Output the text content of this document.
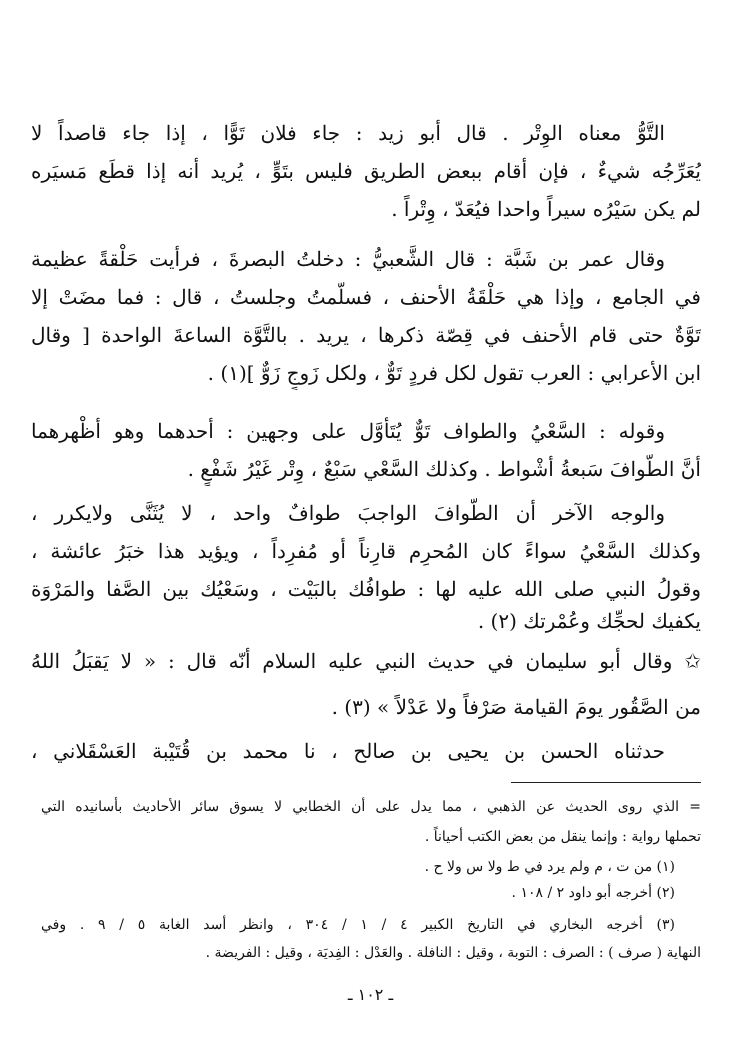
التَّوُّ معناه الوِتْر . قال أبو زيد : جاء فلان تَوًّا ، إذا جاء قاصداً لا
يُعَرِّجُه شيءٌ ، فإن أقام ببعض الطريق فليس بتَوٍّ ، يُريد أنه إذا قطَع مَسيَره
لم يكن سَيْرُه سيراً واحدا فيُعَدّ ، وِتْراً .
وقال عمر بن شَبَّة : قال الشَّعبيُّ : دخلتُ البصرةَ ، فرأيت حَلْقةً عظيمة
في الجامع ، وإذا هي حَلْقَةُ الأحنف ، فسلَّمتُ وجلستُ ، قال : فما مضَتْ إلا
تَوَّةٌ حتى قام الأحنف في قِصّة ذكرها ، يريد . بالتَّوَّة الساعةَ الواحدة [ وقال
ابن الأعرابي : العرب تقول لكل فردٍ تَوٌّ ، ولكل زَوجٍ زَوٌّ ](١) .
وقوله : السَّعْيُ والطواف تَوٌّ يُتَأوَّل على وجهين : أحدهما وهو أظْهرهما
أنَّ الطَّوافَ سَبعةُ أشْواط . وكذلك السَّعْي سَبْعٌ ، وِتْر غَيْرُ شَفْعٍ .
والوجه الآخر أن الطَّوافَ الواجبَ طوافٌ واحد ، لا يُثَنَّى ولايكرر ،
وكذلك السَّعْيُ سواءً كان المُحرِم قارِناً أو مُفرِداً ، ويؤيد هذا خبَرُ عائشة ،
وقولُ النبي صلى الله عليه لها : طوافُك بالبَيْت ، وسَعْيُك بين الصَّفا والمَرْوَة
يكفيك لحجِّك وعُمْرتك (٢) .
✩ وقال أبو سليمان في حديث النبي عليه السلام أنّه قال : « لا يَقبَلُ اللهُ
من الصَّقُور يومَ القيامة صَرْفاً ولا عَدْلاً » (٣) .
حدثناه الحسن بن يحيى بن صالح ، نا محمد بن قُتَيْبة العَسْقَلاني ،
= الذي روى الحديث عن الذهبي ، مما يدل على أن الخطابي لا يسوق سائر الأحاديث بأسانيده التي
تحملها رواية : وإنما ينقل من بعض الكتب أحياناً .
(١) من ت ، م ولم يرد في ط ولا س ولا ح .
(٢) أخرجه أبو داود ٢ / ١٠٨ .
(٣) أخرجه البخاري في التاريخ الكبير ٤ / ١ / ٣٠٤ ، وانظر أسد الغابة ٥ / ٩ . وفي
النهاية ( صرف ) : الصرف : التوبة ، وقيل : النافلة . والعَدْل : الفِديَة ، وقيل : الفريضة .
ـ ١٠٢ ـ
